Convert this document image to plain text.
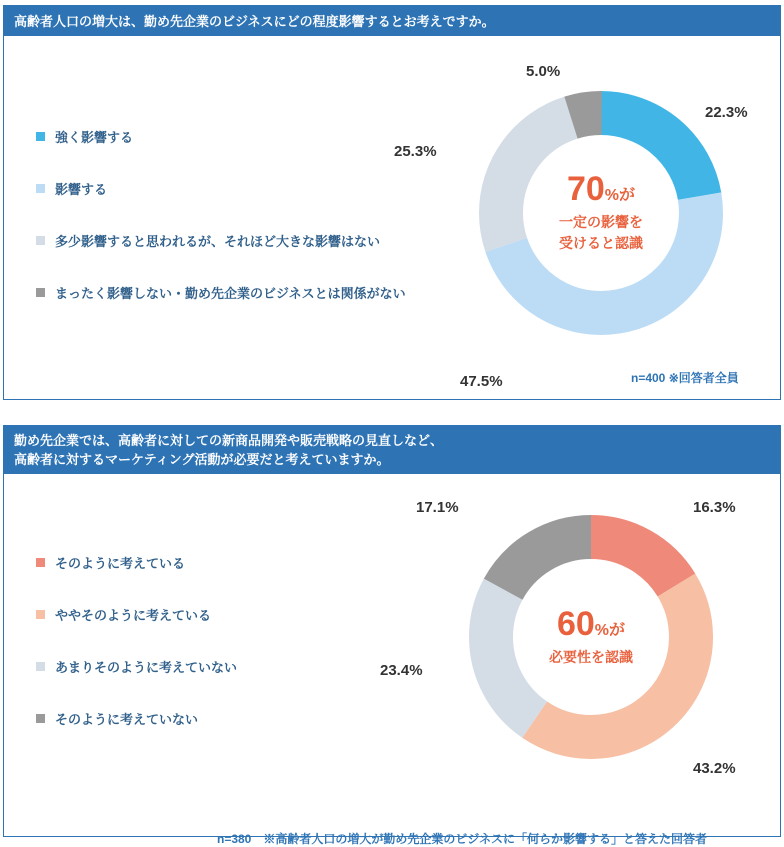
高齢者人口の増大は、勤め先企業のビジネスにどの程度影響するとお考えですか。
強く影響する
影響する
多少影響すると思われるが、それほど大きな影響はない
まったく影響しない・勤め先企業のビジネスとは関係がない
70%が
一定の影響を
受けると認識
22.3%
47.5%
25.3%
5.0%
n=400 ※回答者全員
勤め先企業では、高齢者に対しての新商品開発や販売戦略の見直しなど、
高齢者に対するマーケティング活動が必要だと考えていますか。
そのように考えている
ややそのように考えている
あまりそのように考えていない
そのように考えていない
60%が
必要性を認識
16.3%
43.2%
23.4%
17.1%
n=380　※高齢者人口の増大が勤め先企業のビジネスに「何らか影響する」と答えた回答者
